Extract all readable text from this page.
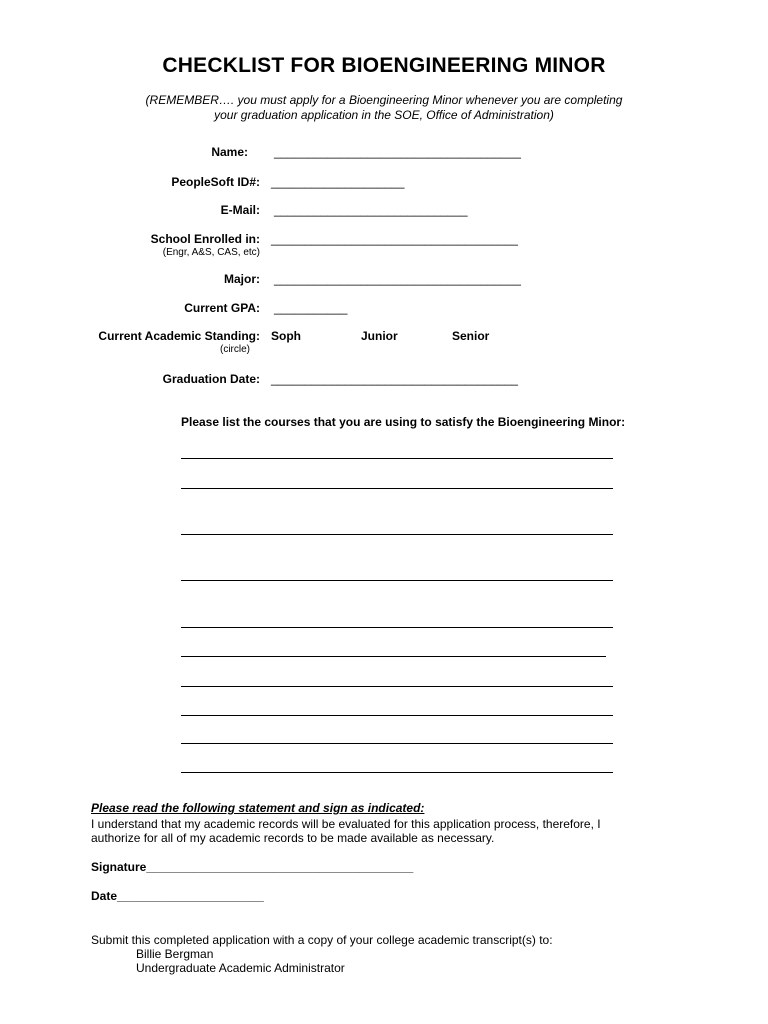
CHECKLIST FOR BIOENGINEERING MINOR
(REMEMBER…. you must apply for a Bioengineering Minor whenever you are completing
your graduation application in the SOE, Office of Administration)
Name: _____________________________________
PeopleSoft ID#: ____________________
E-Mail: _____________________________
School Enrolled in:
(Engr, A&S, CAS, etc)
_____________________________________
Major: _____________________________________
Current GPA: ___________
Current Academic Standing:
(circle)
Soph	Junior	Senior
Graduation Date: _____________________________________
Please list the courses that you are using to satisfy the Bioengineering Minor:
Please read the following statement and sign as indicated:
I understand that my academic records will be evaluated for this application process, therefore, I
authorize for all of my academic records to be made available as necessary.
Signature________________________________________
Date______________________
Submit this completed application with a copy of your college academic transcript(s) to:
Billie Bergman
Undergraduate Academic Administrator
